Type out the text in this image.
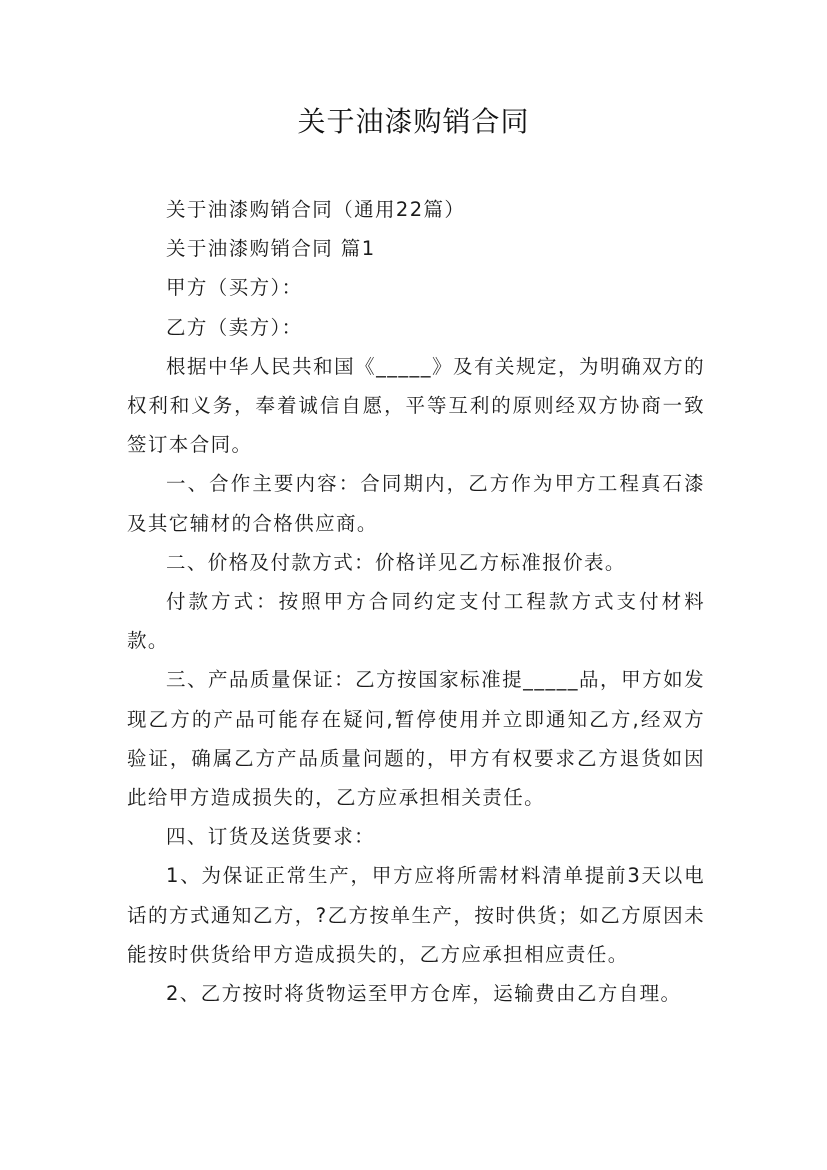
关于油漆购销合同

关于油漆购销合同（通用22篇）

关于油漆购销合同 篇1

甲方（买方）：

乙方（卖方）：

根据中华人民共和国《_____》及有关规定，为明确双方的权利和义务，奉着诚信自愿，平等互利的原则经双方协商一致签订本合同。

一、合作主要内容：合同期内，乙方作为甲方工程真石漆及其它辅材的合格供应商。

二、价格及付款方式：价格详见乙方标准报价表。

付款方式：按照甲方合同约定支付工程款方式支付材料款。

三、产品质量保证：乙方按国家标准提_____品，甲方如发现乙方的产品可能存在疑问,暂停使用并立即通知乙方,经双方验证，确属乙方产品质量问题的，甲方有权要求乙方退货如因此给甲方造成损失的，乙方应承担相关责任。

四、订货及送货要求：

1、为保证正常生产，甲方应将所需材料清单提前3天以电话的方式通知乙方，?乙方按单生产，按时供货；如乙方原因未能按时供货给甲方造成损失的，乙方应承担相应责任。

2、乙方按时将货物运至甲方仓库，运输费由乙方自理。
